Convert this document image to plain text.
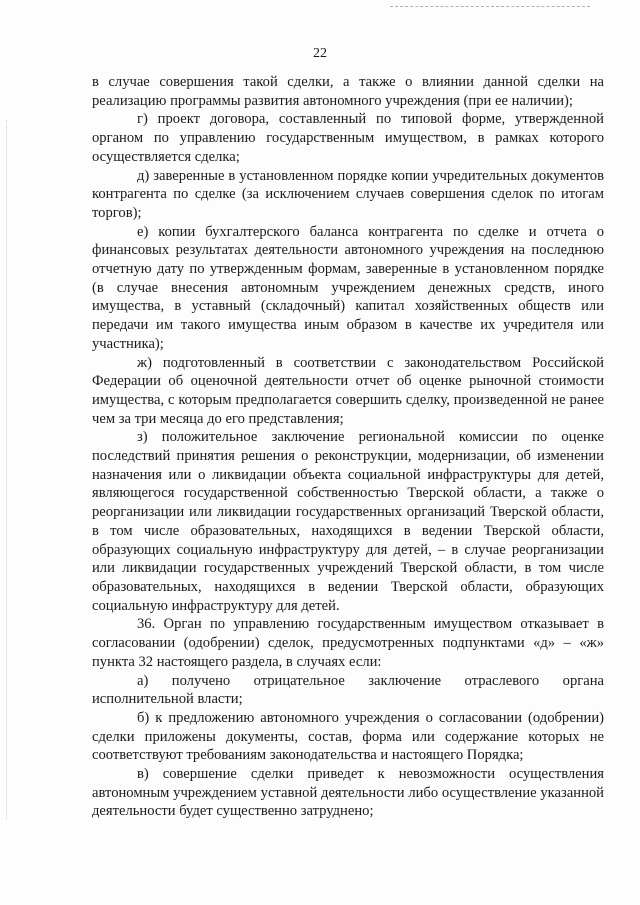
22

в случае совершения такой сделки, а также о влиянии данной сделки на реализацию программы развития автономного учреждения (при ее наличии);

г) проект договора, составленный по типовой форме, утвержденной органом по управлению государственным имуществом, в рамках которого осуществляется сделка;

д) заверенные в установленном порядке копии учредительных документов контрагента по сделке (за исключением случаев совершения сделок по итогам торгов);

е) копии бухгалтерского баланса контрагента по сделке и отчета о финансовых результатах деятельности автономного учреждения на последнюю отчетную дату по утвержденным формам, заверенные в установленном порядке (в случае внесения автономным учреждением денежных средств, иного имущества, в уставный (складочный) капитал хозяйственных обществ или передачи им такого имущества иным образом в качестве их учредителя или участника);

ж) подготовленный в соответствии с законодательством Российской Федерации об оценочной деятельности отчет об оценке рыночной стоимости имущества, с которым предполагается совершить сделку, произведенной не ранее чем за три месяца до его представления;

з) положительное заключение региональной комиссии по оценке последствий принятия решения о реконструкции, модернизации, об изменении назначения или о ликвидации объекта социальной инфраструктуры для детей, являющегося государственной собственностью Тверской области, а также о реорганизации или ликвидации государственных организаций Тверской области, в том числе образовательных, находящихся в ведении Тверской области, образующих социальную инфраструктуру для детей, – в случае реорганизации или ликвидации государственных учреждений Тверской области, в том числе образовательных, находящихся в ведении Тверской области, образующих социальную инфраструктуру для детей.

36. Орган по управлению государственным имуществом отказывает в согласовании (одобрении) сделок, предусмотренных подпунктами «д» – «ж» пункта 32 настоящего раздела, в случаях если:

а) получено отрицательное заключение отраслевого органа исполнительной власти;

б) к предложению автономного учреждения о согласовании (одобрении) сделки приложены документы, состав, форма или содержание которых не соответствуют требованиям законодательства и настоящего Порядка;

в) совершение сделки приведет к невозможности осуществления автономным учреждением уставной деятельности либо осуществление указанной деятельности будет существенно затруднено;
